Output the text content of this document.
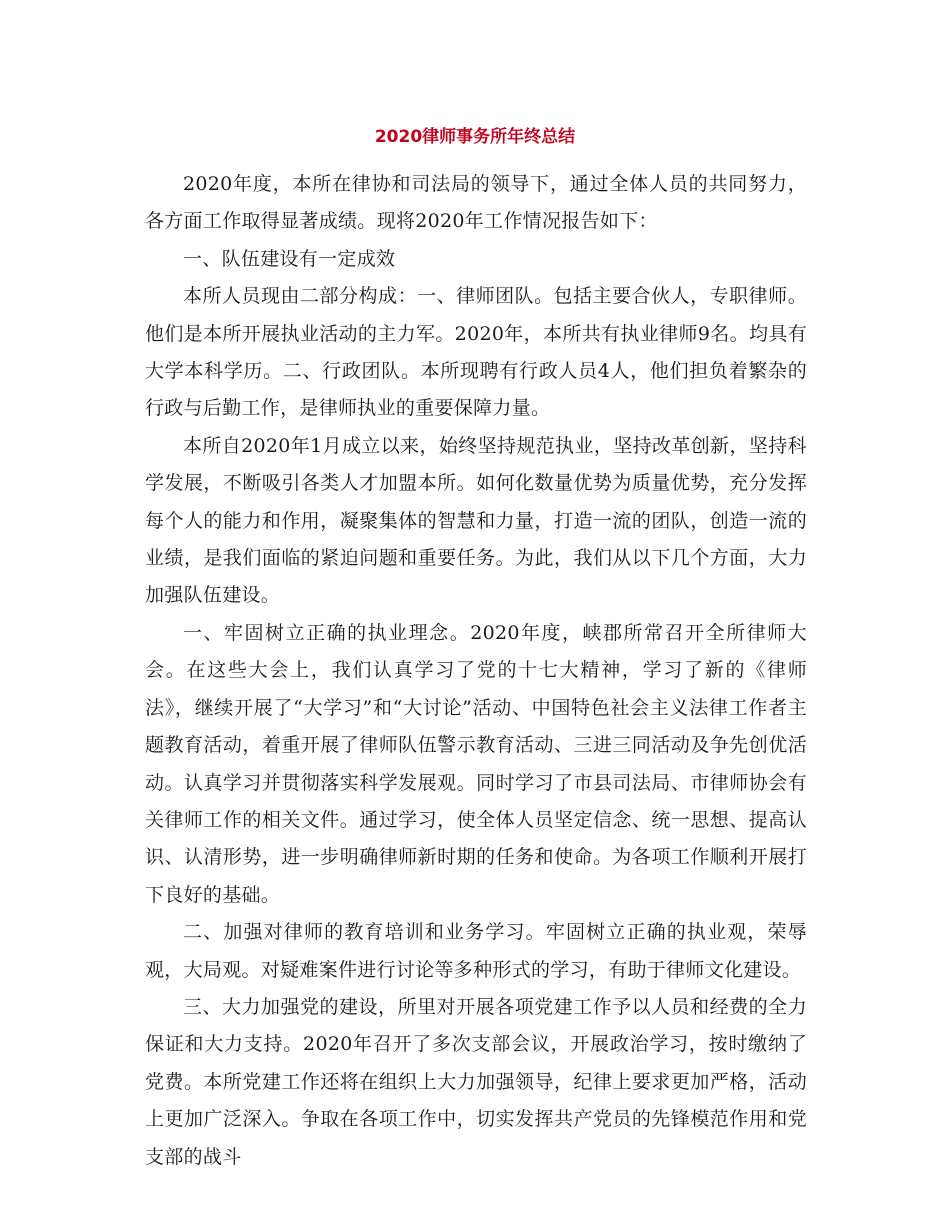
2020律师事务所年终总结

2020年度，本所在律协和司法局的领导下，通过全体人员的共同努力，各方面工作取得显著成绩。现将2020年工作情况报告如下：

一、队伍建设有一定成效

本所人员现由二部分构成：一、律师团队。包括主要合伙人，专职律师。他们是本所开展执业活动的主力军。2020年，本所共有执业律师9名。均具有大学本科学历。二、行政团队。本所现聘有行政人员4人，他们担负着繁杂的行政与后勤工作，是律师执业的重要保障力量。

本所自2020年1月成立以来，始终坚持规范执业，坚持改革创新，坚持科学发展，不断吸引各类人才加盟本所。如何化数量优势为质量优势，充分发挥每个人的能力和作用，凝聚集体的智慧和力量，打造一流的团队，创造一流的业绩，是我们面临的紧迫问题和重要任务。为此，我们从以下几个方面，大力加强队伍建设。

一、牢固树立正确的执业理念。2020年度，峡郡所常召开全所律师大会。在这些大会上，我们认真学习了党的十七大精神，学习了新的《律师法》，继续开展了“大学习”和“大讨论”活动、中国特色社会主义法律工作者主题教育活动，着重开展了律师队伍警示教育活动、三进三同活动及争先创优活动。认真学习并贯彻落实科学发展观。同时学习了市县司法局、市律师协会有关律师工作的相关文件。通过学习，使全体人员坚定信念、统一思想、提高认识、认清形势，进一步明确律师新时期的任务和使命。为各项工作顺利开展打下良好的基础。

二、加强对律师的教育培训和业务学习。牢固树立正确的执业观，荣辱观，大局观。对疑难案件进行讨论等多种形式的学习，有助于律师文化建设。

三、大力加强党的建设，所里对开展各项党建工作予以人员和经费的全力保证和大力支持。2020年召开了多次支部会议，开展政治学习，按时缴纳了党费。本所党建工作还将在组织上大力加强领导，纪律上要求更加严格，活动上更加广泛深入。争取在各项工作中，切实发挥共产党员的先锋模范作用和党支部的战斗
